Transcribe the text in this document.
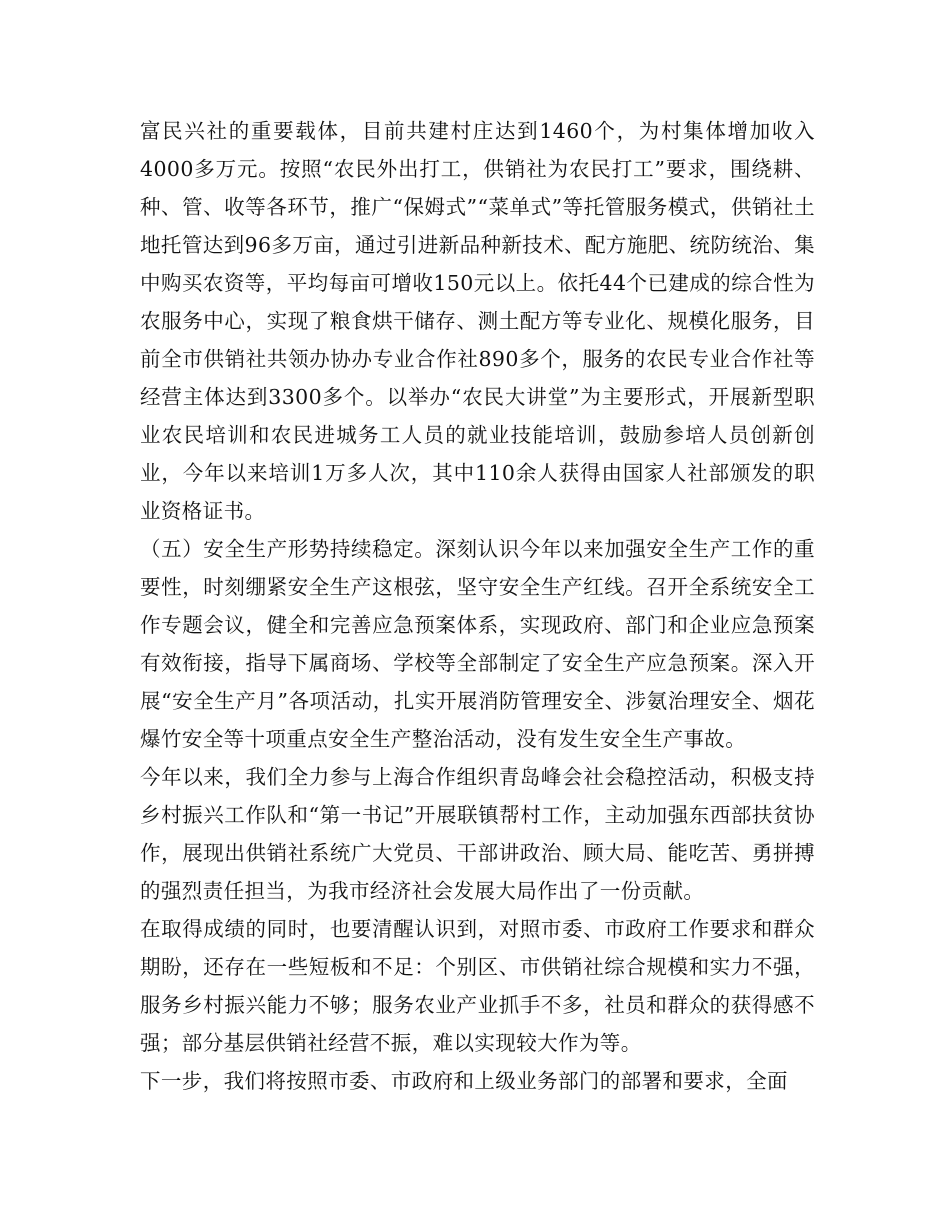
富民兴社的重要载体，目前共建村庄达到1460个，为村集体增加收入4000多万元。按照“农民外出打工，供销社为农民打工”要求，围绕耕、种、管、收等各环节，推广“保姆式”“菜单式”等托管服务模式，供销社土地托管达到96多万亩，通过引进新品种新技术、配方施肥、统防统治、集中购买农资等，平均每亩可增收150元以上。依托44个已建成的综合性为农服务中心，实现了粮食烘干储存、测土配方等专业化、规模化服务，目前全市供销社共领办协办专业合作社890多个，服务的农民专业合作社等经营主体达到3300多个。以举办“农民大讲堂”为主要形式，开展新型职业农民培训和农民进城务工人员的就业技能培训，鼓励参培人员创新创业，今年以来培训1万多人次，其中110余人获得由国家人社部颁发的职业资格证书。

（五）安全生产形势持续稳定。深刻认识今年以来加强安全生产工作的重要性，时刻绷紧安全生产这根弦，坚守安全生产红线。召开全系统安全工作专题会议，健全和完善应急预案体系，实现政府、部门和企业应急预案有效衔接，指导下属商场、学校等全部制定了安全生产应急预案。深入开展“安全生产月”各项活动，扎实开展消防管理安全、涉氨治理安全、烟花爆竹安全等十项重点安全生产整治活动，没有发生安全生产事故。

今年以来，我们全力参与上海合作组织青岛峰会社会稳控活动，积极支持乡村振兴工作队和“第一书记”开展联镇帮村工作，主动加强东西部扶贫协作，展现出供销社系统广大党员、干部讲政治、顾大局、能吃苦、勇拼搏的强烈责任担当，为我市经济社会发展大局作出了一份贡献。

在取得成绩的同时，也要清醒认识到，对照市委、市政府工作要求和群众期盼，还存在一些短板和不足：个别区、市供销社综合规模和实力不强，服务乡村振兴能力不够；服务农业产业抓手不多，社员和群众的获得感不强；部分基层供销社经营不振，难以实现较大作为等。

下一步，我们将按照市委、市政府和上级业务部门的部署和要求，全面
